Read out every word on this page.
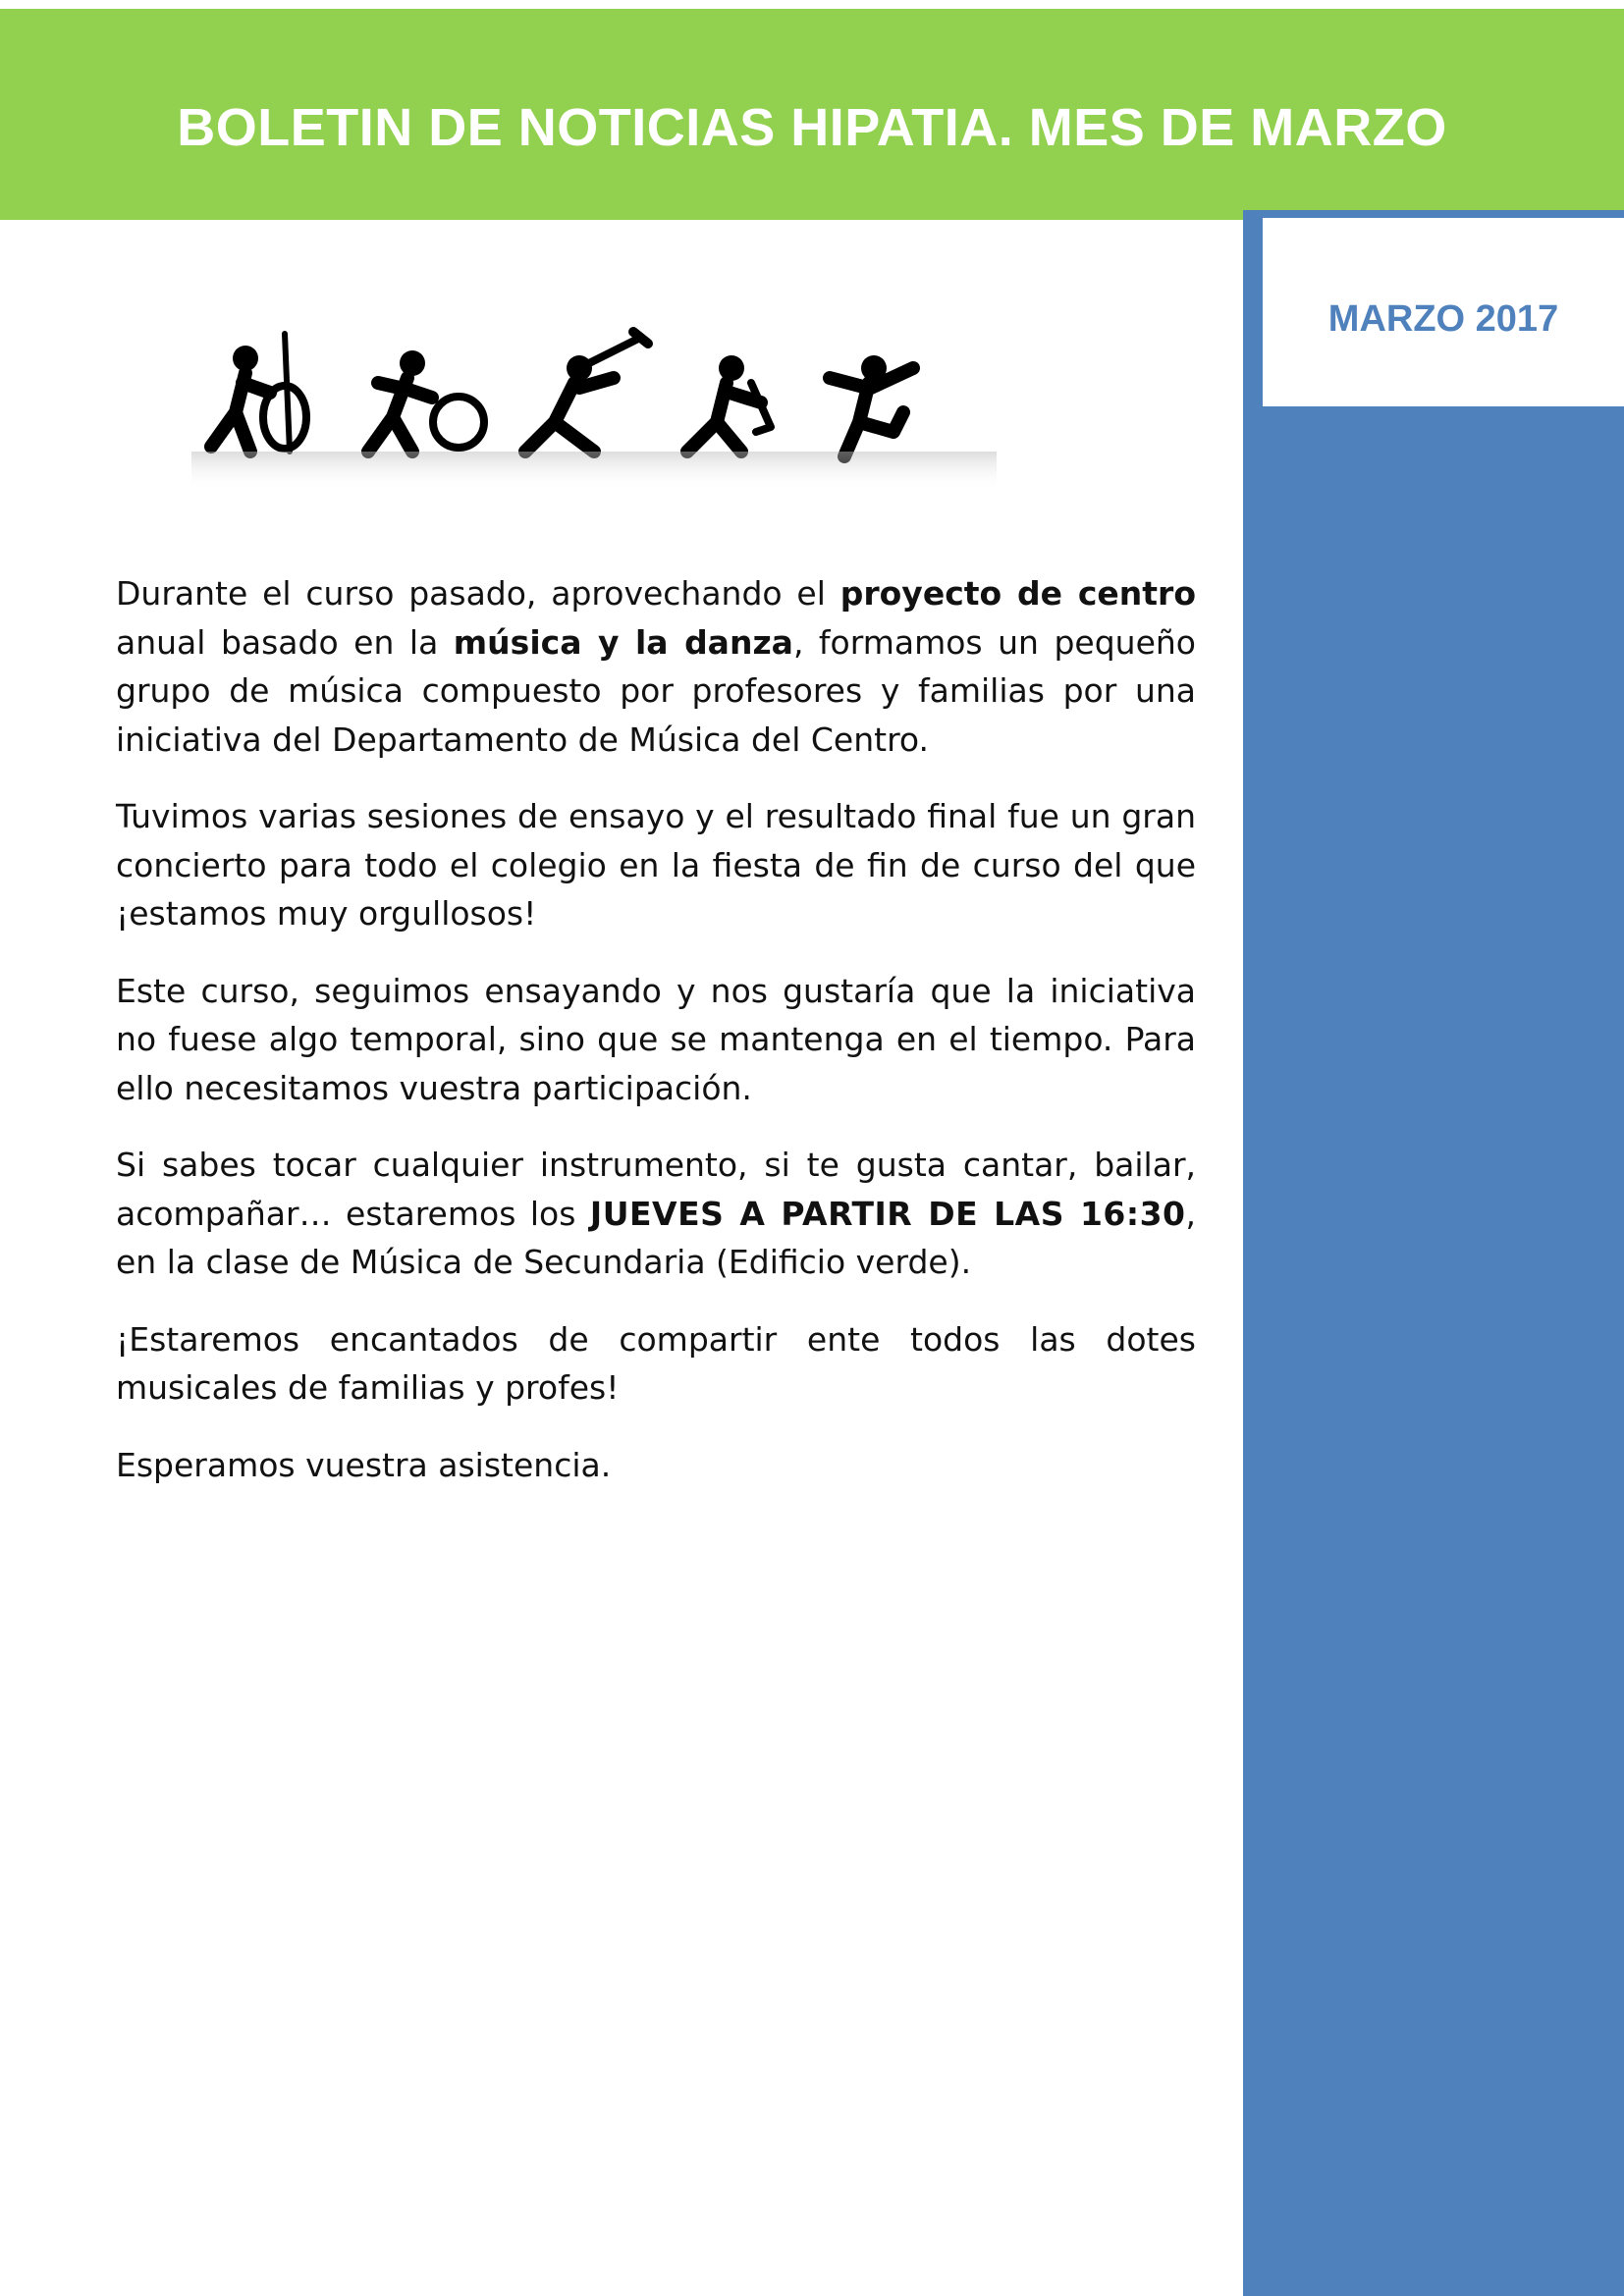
BOLETIN DE NOTICIAS HIPATIA. MES DE MARZO
MARZO 2017

Durante el curso pasado, aprovechando el proyecto de centro anual basado en la música y la danza, formamos un pequeño grupo de música compuesto por profesores y familias por una iniciativa del Departamento de Música del Centro.

Tuvimos varias sesiones de ensayo y el resultado final fue un gran concierto para todo el colegio en la fiesta de fin de curso del que ¡estamos muy orgullosos!

Este curso, seguimos ensayando y nos gustaría que la iniciativa no fuese algo temporal, sino que se mantenga en el tiempo. Para ello necesitamos vuestra participación.

Si sabes tocar cualquier instrumento, si te gusta cantar, bailar, acompañar… estaremos los JUEVES A PARTIR DE LAS 16:30, en la clase de Música de Secundaria (Edificio verde).

¡Estaremos encantados de compartir ente todos las dotes musicales de familias y profes!

Esperamos vuestra asistencia.
